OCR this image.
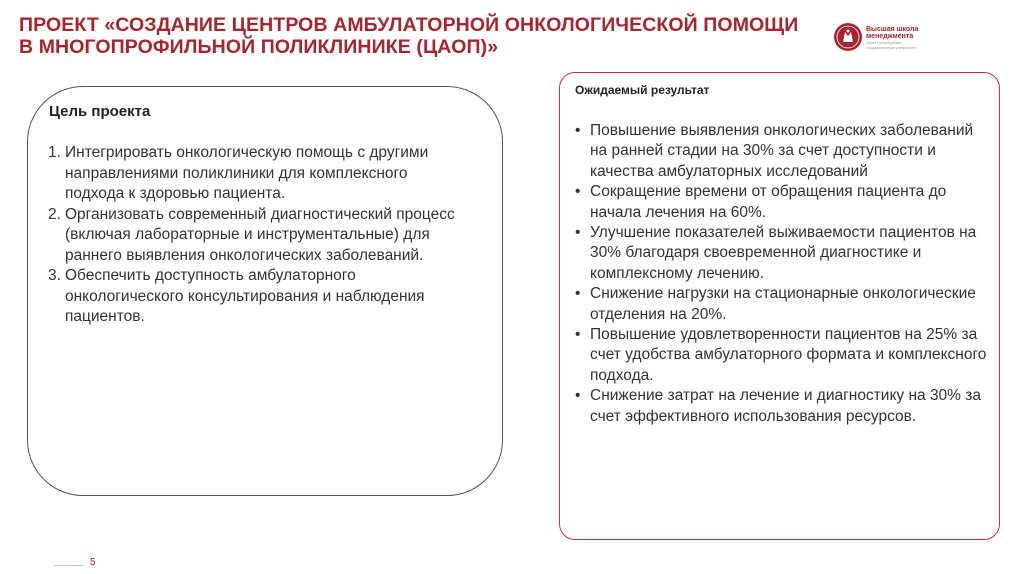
ПРОЕКТ «СОЗДАНИЕ ЦЕНТРОВ АМБУЛАТОРНОЙ ОНКОЛОГИЧЕСКОЙ ПОМОЩИ
В МНОГОПРОФИЛЬНОЙ ПОЛИКЛИНИКЕ (ЦАОП)»
Высшая школа
менеджмента
Санкт-Петербургский
государственный университет
Цель проекта
1. Интегрировать онкологическую помощь с другими направлениями поликлиники для комплексного подхода к здоровью пациента.
2. Организовать современный диагностический процесс (включая лабораторные и инструментальные) для раннего выявления онкологических заболеваний.
3. Обеспечить доступность амбулаторного онкологического консультирования и наблюдения пациентов.
Ожидаемый результат
• Повышение выявления онкологических заболеваний на ранней стадии на 30% за счет доступности и качества амбулаторных исследований
• Сокращение времени от обращения пациента до начала лечения на 60%.
• Улучшение показателей выживаемости пациентов на 30% благодаря своевременной диагностике и комплексному лечению.
• Снижение нагрузки на стационарные онкологические отделения на 20%.
• Повышение удовлетворенности пациентов на 25% за счет удобства амбулаторного формата и комплексного подхода.
• Снижение затрат на лечение и диагностику на 30% за счет эффективного использования ресурсов.
5
